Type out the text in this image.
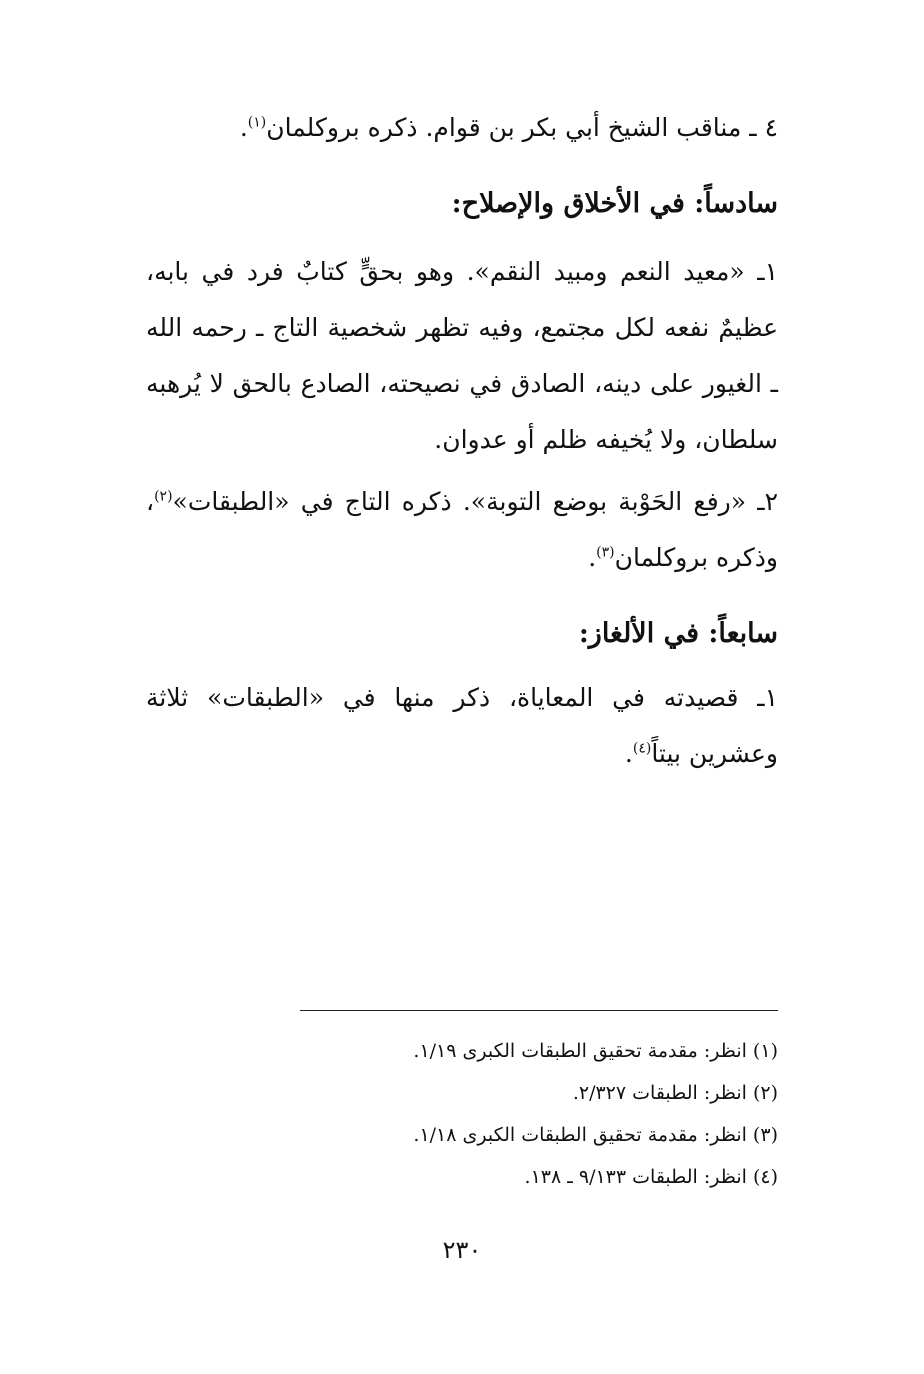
٤ ـ مناقب الشيخ أبي بكر بن قوام. ذكره بروكلمان$^{(١)}$.
سادساً: في الأخلاق والإصلاح:
١ـ «معيد النعم ومبيد النقم». وهو بحقٍّ كتابٌ فرد في بابه، عظيمٌ نفعه لكل مجتمع، وفيه تظهر شخصية التاج ـ رحمه الله ـ الغيور على دينه، الصادق في نصيحته، الصادع بالحق لا يُرهبه سلطان، ولا يُخيفه ظلم أو عدوان.
٢ـ «رفع الحَوْبة بوضع التوبة». ذكره التاج في «الطبقات»$^{(٢)}$، وذكره بروكلمان$^{(٣)}$.
سابعاً: في الألغاز:
١ـ قصيدته في المعاياة، ذكر منها في «الطبقات» ثلاثة وعشرين بيتاً$^{(٤)}$.
(١) انظر: مقدمة تحقيق الطبقات الكبرى ١/١٩.
(٢) انظر: الطبقات ٢/٣٢٧.
(٣) انظر: مقدمة تحقيق الطبقات الكبرى ١/١٨.
(٤) انظر: الطبقات ٩/١٣٣ ـ ١٣٨.
٢٣٠
